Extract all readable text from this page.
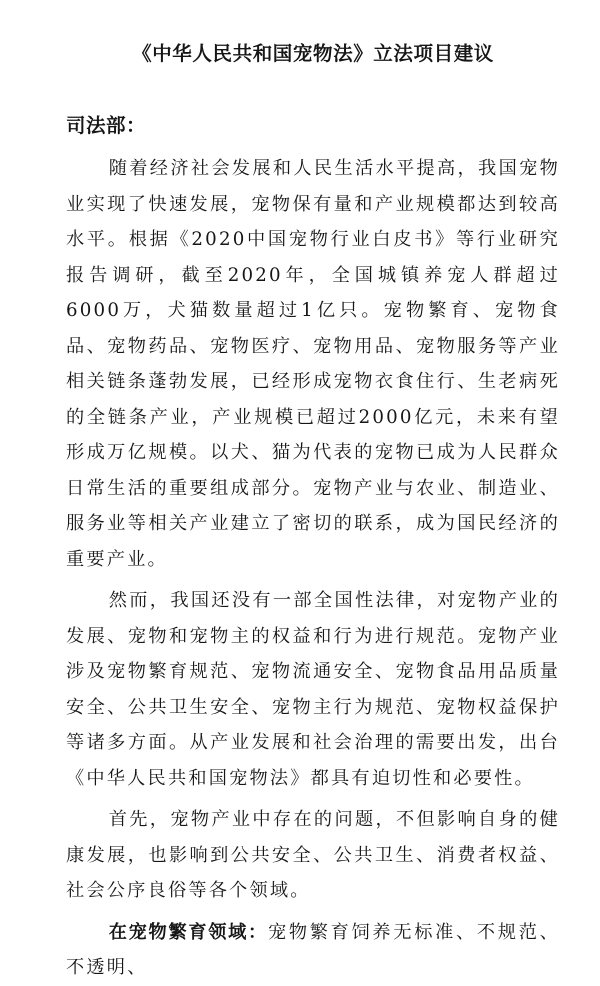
《中华人民共和国宠物法》立法项目建议

司法部：

随着经济社会发展和人民生活水平提高，我国宠物业实现了快速发展，宠物保有量和产业规模都达到较高水平。根据《2020中国宠物行业白皮书》等行业研究报告调研，截至2020年，全国城镇养宠人群超过6000万，犬猫数量超过1亿只。宠物繁育、宠物食品、宠物药品、宠物医疗、宠物用品、宠物服务等产业相关链条蓬勃发展，已经形成宠物衣食住行、生老病死的全链条产业，产业规模已超过2000亿元，未来有望形成万亿规模。以犬、猫为代表的宠物已成为人民群众日常生活的重要组成部分。宠物产业与农业、制造业、服务业等相关产业建立了密切的联系，成为国民经济的重要产业。

然而，我国还没有一部全国性法律，对宠物产业的发展、宠物和宠物主的权益和行为进行规范。宠物产业涉及宠物繁育规范、宠物流通安全、宠物食品用品质量安全、公共卫生安全、宠物主行为规范、宠物权益保护等诸多方面。从产业发展和社会治理的需要出发，出台《中华人民共和国宠物法》都具有迫切性和必要性。

首先，宠物产业中存在的问题，不但影响自身的健康发展，也影响到公共安全、公共卫生、消费者权益、社会公序良俗等各个领域。

在宠物繁育领域：宠物繁育饲养无标准、不规范、不透明、
